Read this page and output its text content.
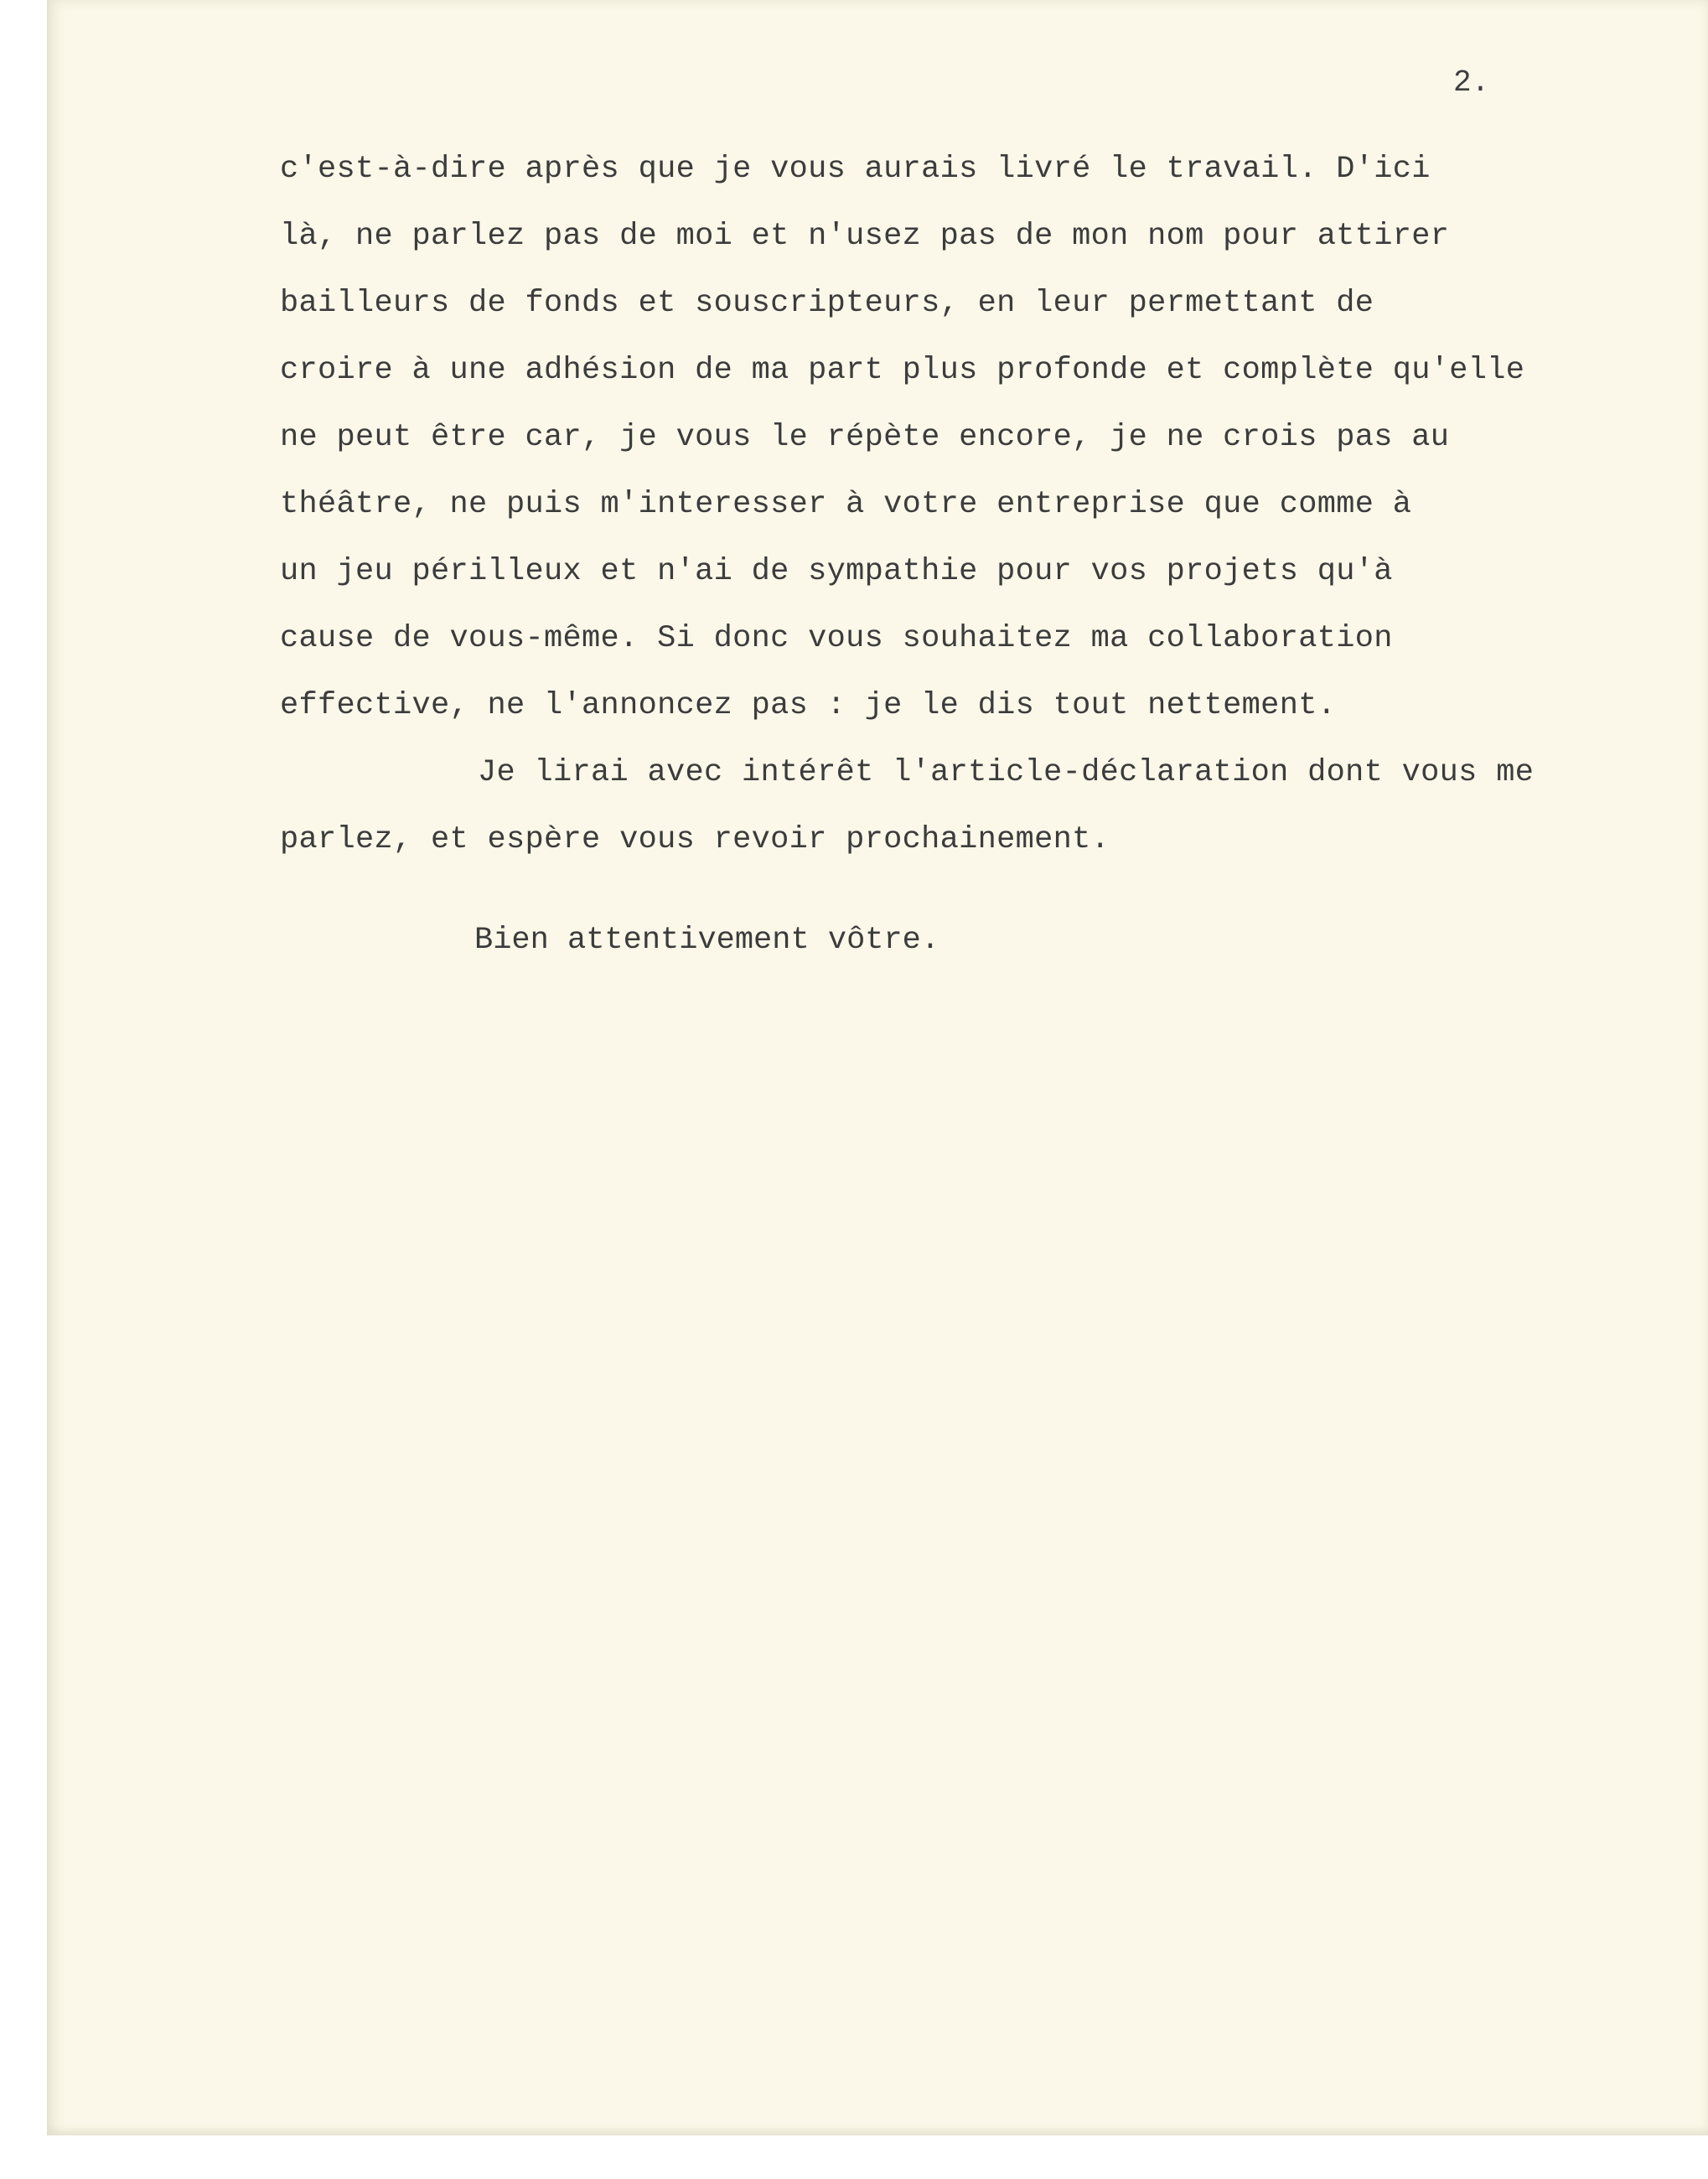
2.
c'est-à-dire après que je vous aurais livré le travail. D'ici
là, ne parlez pas de moi et n'usez pas de mon nom pour attirer
bailleurs de fonds et souscripteurs, en leur permettant de
croire à une adhésion de ma part plus profonde et complète qu'elle
ne peut être car, je vous le répète encore, je ne crois pas au
théâtre, ne puis m'interesser à votre entreprise que comme à
un jeu périlleux et n'ai de sympathie pour vos projets qu'à
cause de vous-même. Si donc vous souhaitez ma collaboration
effective, ne l'annoncez pas : je le dis tout nettement.
Je lirai avec intérêt l'article-déclaration dont vous me
parlez, et espère vous revoir prochainement.
Bien attentivement vôtre.
